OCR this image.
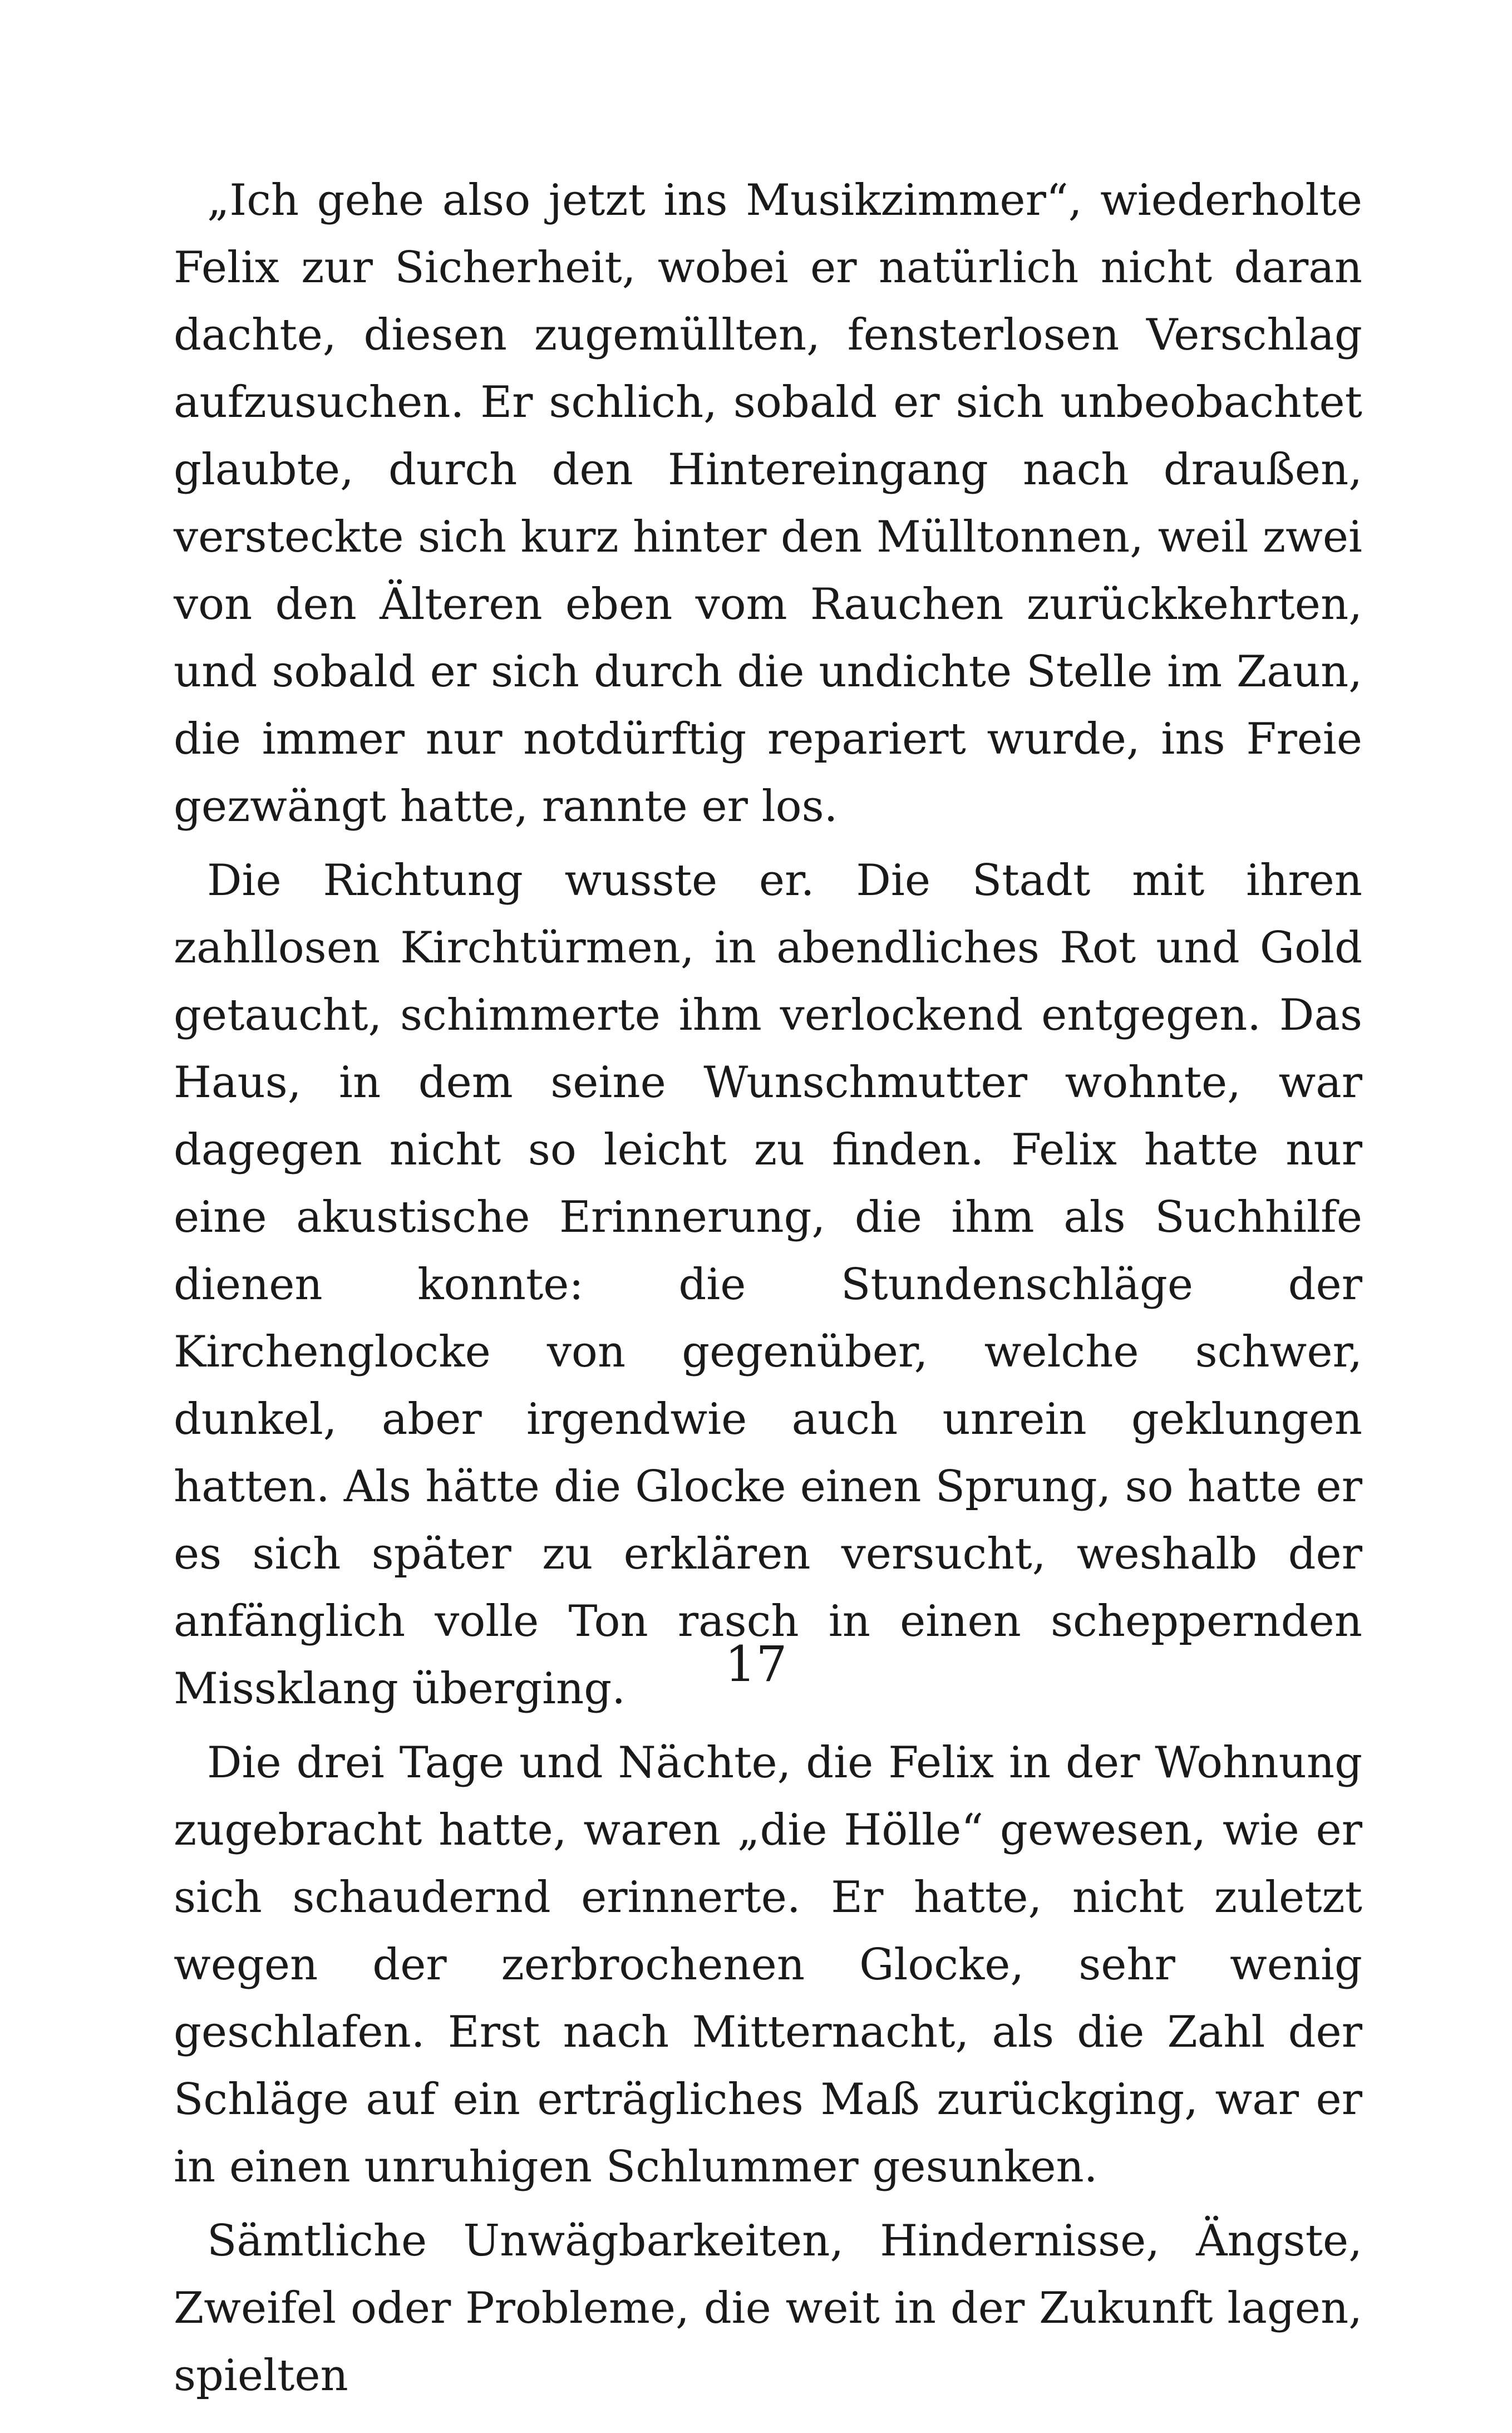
„Ich gehe also jetzt ins Musikzimmer“, wiederholte Felix zur Sicherheit, wobei er natürlich nicht daran dachte, diesen zugemüllten, fensterlosen Verschlag aufzusuchen. Er schlich, sobald er sich unbeobachtet glaubte, durch den Hintereingang nach draußen, versteckte sich kurz hinter den Mülltonnen, weil zwei von den Älteren eben vom Rauchen zurückkehrten, und sobald er sich durch die undichte Stelle im Zaun, die immer nur notdürftig repariert wurde, ins Freie gezwängt hatte, rannte er los.

Die Richtung wusste er. Die Stadt mit ihren zahllosen Kirchtürmen, in abendliches Rot und Gold getaucht, schimmerte ihm verlockend entgegen. Das Haus, in dem seine Wunschmutter wohnte, war dagegen nicht so leicht zu finden. Felix hatte nur eine akustische Erinnerung, die ihm als Suchhilfe dienen konnte: die Stundenschläge der Kirchenglocke von gegenüber, welche schwer, dunkel, aber irgendwie auch unrein geklungen hatten. Als hätte die Glocke einen Sprung, so hatte er es sich später zu erklären versucht, weshalb der anfänglich volle Ton rasch in einen scheppernden Missklang überging.

Die drei Tage und Nächte, die Felix in der Wohnung zugebracht hatte, waren „die Hölle“ gewesen, wie er sich schaudernd erinnerte. Er hatte, nicht zuletzt wegen der zerbrochenen Glocke, sehr wenig geschlafen. Erst nach Mitternacht, als die Zahl der Schläge auf ein erträgliches Maß zurückging, war er in einen unruhigen Schlummer gesunken.

Sämtliche Unwägbarkeiten, Hindernisse, Ängste, Zweifel oder Probleme, die weit in der Zukunft lagen, spielten

17
